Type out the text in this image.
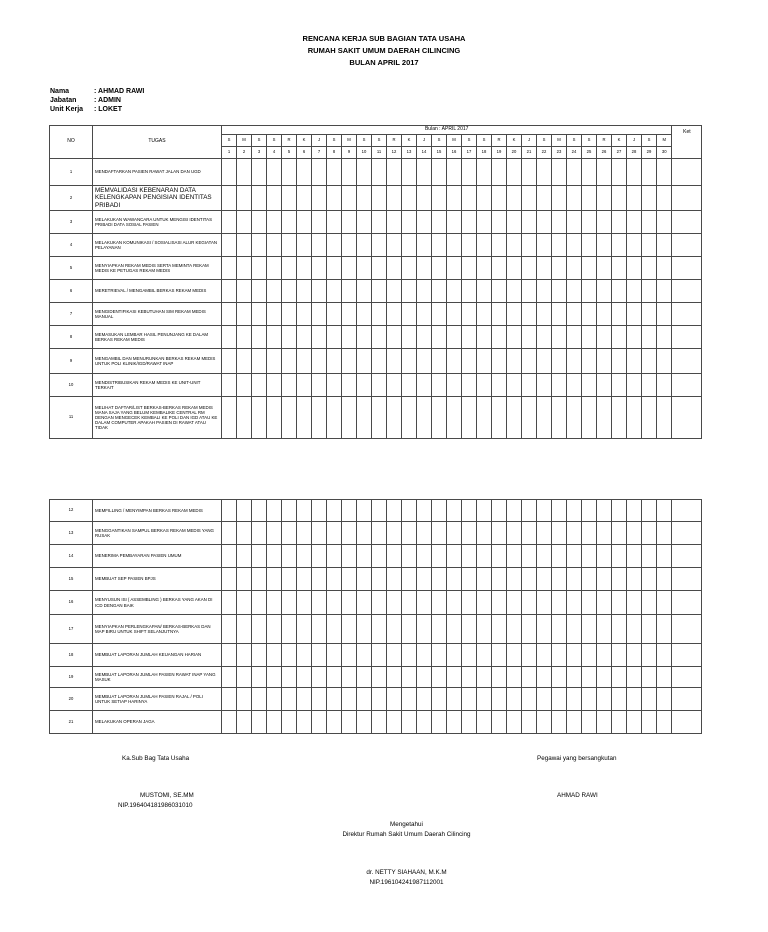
RENCANA KERJA SUB BAGIAN TATA USAHA
RUMAH SAKIT UMUM DAERAH CILINCING
BULAN APRIL 2017
Nama	: AHMAD RAWI
Jabatan	: ADMIN
Unit Kerja : LOKET
NO	TUGAS	Bulan : APRIL 2017																														Ket
		S	M	S	S	R	K	J	S	M	S	S	R	K	J	S	M	S	S	R	K	J	S	M	S	S	R	K	J	S	M	
		1	2	3	4	5	6	7	8	9	10	11	12	13	14	15	16	17	18	19	20	21	22	23	24	25	26	27	28	29	30	
1	MENDAFTARKAN PASIEN RAWAT JALAN DAN UGD																															
2	MEMVALIDASI KEBENARAN DATA KELENGKAPAN PENGISIAN IDENTITAS PRIBADI																															
3	MELAKUKAN WAWANCARA UNTUK MENGISI IDENTITAS PRIBADI DATA SOSIAL PASIEN																															
4	MELAKUKAN KOMUNIKASI / SOSIALISASI ALUR KEGIATAN PELAYANAN																															
5	MENYIAPKAN REKAM MEDIS SERTA MEMINTA REKAM MEDIS KE PETUGAS REKAM MEDIS																															
6	MERETRIEVAL / MENGAMBIL BERKAS REKAM MEDIS																															
7	MENGIDENTIFIKASI KEBUTUHAN SIM REKAM MEDIS MANUAL																															
8	MEMASUKAN LEMBAR HASIL PENUNJANG KE DALAM BERKAS REKAM MEDIS																															
9	MENGAMBIL DAN MENURUNKAN BERKAS REKAM MEDIS UNTUK POLI KLINIK/IGD/RAWAT INAP																															
10	MENDISTRIBUSIKAN REKAM MEDIS KE UNIT-UNIT TERKAIT																															
11	MELIHAT DAFTAR/LIST BERKAS-BERKAS REKAM MEDIS MANA SAJA YANG BELUM KEMBALIKE CENTRAL RM DENGAN MENGECEK KEMBALI KE POLI DAN IGD ATAU KE DALAM COMPUTER APAKAH PASIEN DI RAWAT ATAU TIDAK																															
12	MEMFILLING / MENYIMPAN BERKAS REKAM MEDIS																															
13	MENGGANTIKAN SAMPUL BERKAS REKAM MEDIS YANG RUSAK																															
14	MENERIMA PEMBAYARAN PASIEN UMUM																															
15	MEMBUAT SEP PASIEN BPJS																															
16	MENYUSUN ISI ( ASSEMBLING ) BERKAS YANG AKAN DI ICD DENGAN BAIK																															
17	MENYIAPKAN PERLENGKAPAN/ BERKAS-BERKAS DAN MAP BIRU UNTUK SHIFT SELANJUTNYA																															
18	MEMBUAT LAPORAN JUMLAH KEUANGAN HARIAN																															
19	MEMBUAT LAPORAN JUMLAH PASIEN RAWAT INAP YANG MASUK																															
20	MEMBUAT LAPORAN JUMLAH PASIEN RAJAL / POLI UNTUK SETIAP HARINYA																															
21	MELAKUKAN OPERAN JAGA																															
Ka.Sub Bag Tata Usaha
MUSTOMI, SE.MM
NIP.196404181986031010
Pegawai yang bersangkutan
AHMAD RAWI
Mengetahui
Direktur Rumah Sakit Umum Daerah Cilincing
dr. NETTY SIAHAAN, M.K.M
NIP.196104241987112001
